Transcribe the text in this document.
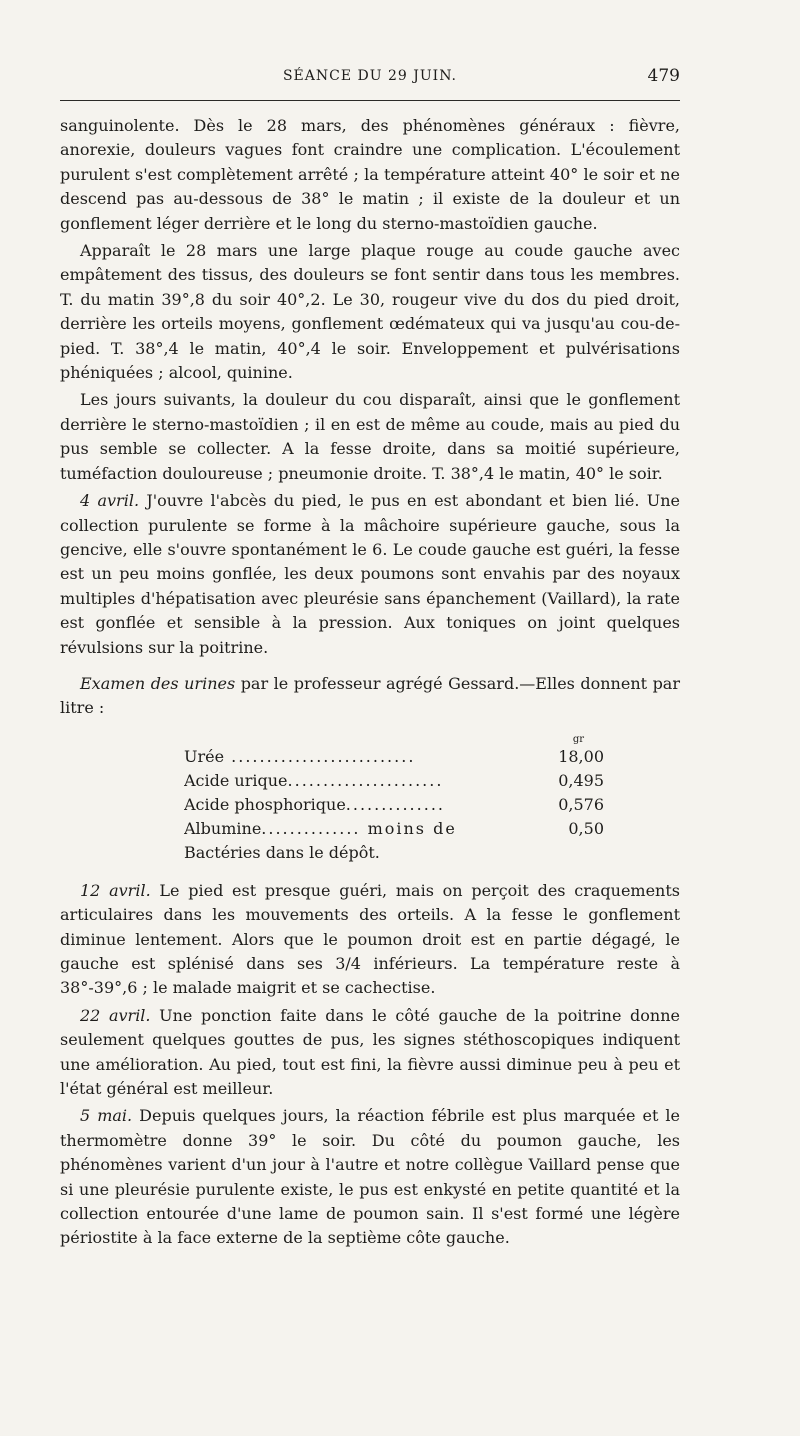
SÉANCE DU 29 JUIN.	479

sanguinolente. Dès le 28 mars, des phénomènes généraux : fièvre, anorexie, douleurs vagues font craindre une complication. L'écoulement purulent s'est complètement arrêté ; la température atteint 40° le soir et ne descend pas au-dessous de 38° le matin ; il existe de la douleur et un gonflement léger derrière et le long du sterno-mastoïdien gauche.

Apparaît le 28 mars une large plaque rouge au coude gauche avec empâtement des tissus, des douleurs se font sentir dans tous les membres. T. du matin 39°,8 du soir 40°,2. Le 30, rougeur vive du dos du pied droit, derrière les orteils moyens, gonflement œdémateux qui va jusqu'au cou-de-pied. T. 38°,4 le matin, 40°,4 le soir. Enveloppement et pulvérisations phéniquées ; alcool, quinine.

Les jours suivants, la douleur du cou disparaît, ainsi que le gonflement derrière le sterno-mastoïdien ; il en est de même au coude, mais au pied du pus semble se collecter. A la fesse droite, dans sa moitié supérieure, tuméfaction douloureuse ; pneumonie droite. T. 38°,4 le matin, 40° le soir.

4 avril. J'ouvre l'abcès du pied, le pus en est abondant et bien lié. Une collection purulente se forme à la mâchoire supérieure gauche, sous la gencive, elle s'ouvre spontanément le 6. Le coude gauche est guéri, la fesse est un peu moins gonflée, les deux poumons sont envahis par des noyaux multiples d'hépatisation avec pleurésie sans épanchement (Vaillard), la rate est gonflée et sensible à la pression. Aux toniques on joint quelques révulsions sur la poitrine.

Examen des urines par le professeur agrégé Gessard.—Elles donnent par litre :

	gr
Urée ..........................	18,00
Acide urique......................	0,495
Acide phosphorique..............	0,576
Albumine.............. moins de	0,50
Bactéries dans le dépôt.	

12 avril. Le pied est presque guéri, mais on perçoit des craquements articulaires dans les mouvements des orteils. A la fesse le gonflement diminue lentement. Alors que le poumon droit est en partie dégagé, le gauche est splénisé dans ses 3/4 inférieurs. La température reste à 38°-39°,6 ; le malade maigrit et se cachectise.

22 avril. Une ponction faite dans le côté gauche de la poitrine donne seulement quelques gouttes de pus, les signes stéthoscopiques indiquent une amélioration. Au pied, tout est fini, la fièvre aussi diminue peu à peu et l'état général est meilleur.

5 mai. Depuis quelques jours, la réaction fébrile est plus marquée et le thermomètre donne 39° le soir. Du côté du poumon gauche, les phénomènes varient d'un jour à l'autre et notre collègue Vaillard pense que si une pleurésie purulente existe, le pus est enkysté en petite quantité et la collection entourée d'une lame de poumon sain. Il s'est formé une légère périostite à la face externe de la septième côte gauche.
